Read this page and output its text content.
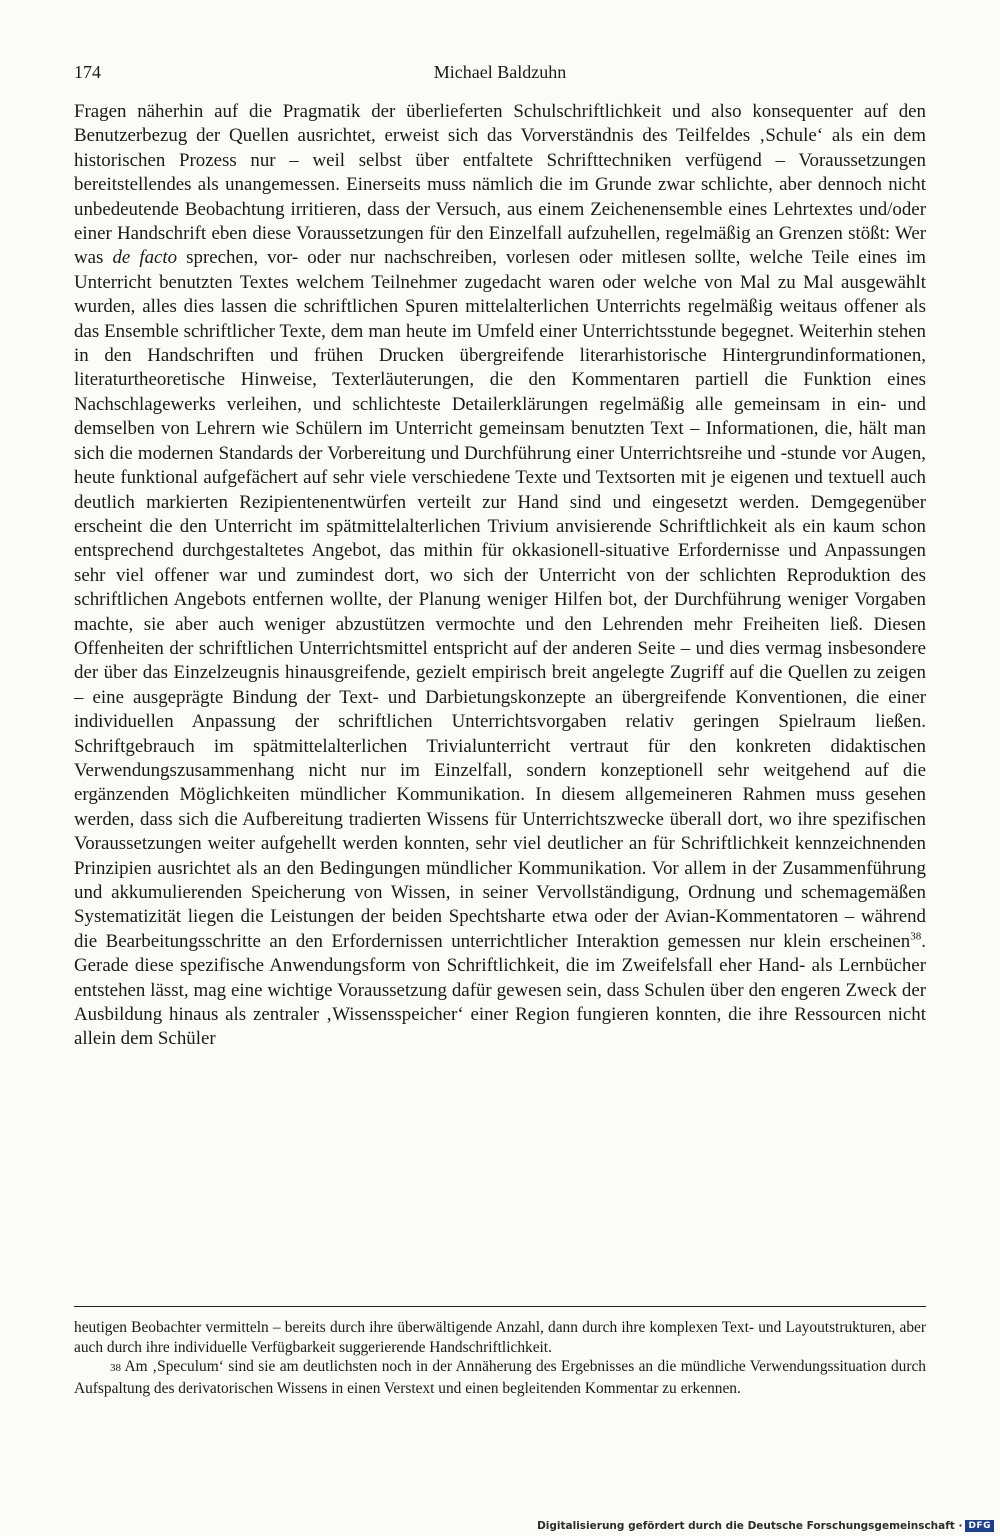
174	Michael Baldzuhn

Fragen näherhin auf die Pragmatik der überlieferten Schulschriftlichkeit und also konsequenter auf den Benutzerbezug der Quellen ausrichtet, erweist sich das Vorverständnis des Teilfeldes ‚Schule‘ als ein dem historischen Prozess nur – weil selbst über entfaltete Schrifttechniken verfügend – Voraussetzungen bereitstellendes als unangemessen. Einerseits muss nämlich die im Grunde zwar schlichte, aber dennoch nicht unbedeutende Beobachtung irritieren, dass der Versuch, aus einem Zeichenensemble eines Lehrtextes und/oder einer Handschrift eben diese Voraussetzungen für den Einzelfall aufzuhellen, regelmäßig an Grenzen stößt: Wer was de facto sprechen, vor- oder nur nachschreiben, vorlesen oder mitlesen sollte, welche Teile eines im Unterricht benutzten Textes welchem Teilnehmer zugedacht waren oder welche von Mal zu Mal ausgewählt wurden, alles dies lassen die schriftlichen Spuren mittelalterlichen Unterrichts regelmäßig weitaus offener als das Ensemble schriftlicher Texte, dem man heute im Umfeld einer Unterrichtsstunde begegnet. Weiterhin stehen in den Handschriften und frühen Drucken übergreifende literarhistorische Hintergrundinformationen, literaturtheoretische Hinweise, Texterläuterungen, die den Kommentaren partiell die Funktion eines Nachschlagewerks verleihen, und schlichteste Detailerklärungen regelmäßig alle gemeinsam in ein- und demselben von Lehrern wie Schülern im Unterricht gemeinsam benutzten Text – Informationen, die, hält man sich die modernen Standards der Vorbereitung und Durchführung einer Unterrichtsreihe und -stunde vor Augen, heute funktional aufgefächert auf sehr viele verschiedene Texte und Textsorten mit je eigenen und textuell auch deutlich markierten Rezipientenentwürfen verteilt zur Hand sind und eingesetzt werden. Demgegenüber erscheint die den Unterricht im spätmittelalterlichen Trivium anvisierende Schriftlichkeit als ein kaum schon entsprechend durchgestaltetes Angebot, das mithin für okkasionell-situative Erfordernisse und Anpassungen sehr viel offener war und zumindest dort, wo sich der Unterricht von der schlichten Reproduktion des schriftlichen Angebots entfernen wollte, der Planung weniger Hilfen bot, der Durchführung weniger Vorgaben machte, sie aber auch weniger abzustützen vermochte und den Lehrenden mehr Freiheiten ließ. Diesen Offenheiten der schriftlichen Unterrichtsmittel entspricht auf der anderen Seite – und dies vermag insbesondere der über das Einzelzeugnis hinausgreifende, gezielt empirisch breit angelegte Zugriff auf die Quellen zu zeigen – eine ausgeprägte Bindung der Text- und Darbietungskonzepte an übergreifende Konventionen, die einer individuellen Anpassung der schriftlichen Unterrichtsvorgaben relativ geringen Spielraum ließen. Schriftgebrauch im spätmittelalterlichen Trivialunterricht vertraut für den konkreten didaktischen Verwendungszusammenhang nicht nur im Einzelfall, sondern konzeptionell sehr weitgehend auf die ergänzenden Möglichkeiten mündlicher Kommunikation. In diesem allgemeineren Rahmen muss gesehen werden, dass sich die Aufbereitung tradierten Wissens für Unterrichtszwecke überall dort, wo ihre spezifischen Voraussetzungen weiter aufgehellt werden konnten, sehr viel deutlicher an für Schriftlichkeit kennzeichnenden Prinzipien ausrichtet als an den Bedingungen mündlicher Kommunikation. Vor allem in der Zusammenführung und akkumulierenden Speicherung von Wissen, in seiner Vervollständigung, Ordnung und schemagemäßen Systematizität liegen die Leistungen der beiden Spechtsharte etwa oder der Avian-Kommentatoren – während die Bearbeitungsschritte an den Erfordernissen unterrichtlicher Interaktion gemessen nur klein erscheinen$^{38}$. Gerade diese spezifische Anwendungsform von Schriftlichkeit, die im Zweifelsfall eher Hand- als Lernbücher entstehen lässt, mag eine wichtige Voraussetzung dafür gewesen sein, dass Schulen über den engeren Zweck der Ausbildung hinaus als zentraler ‚Wissensspeicher‘ einer Region fungieren konnten, die ihre Ressourcen nicht allein dem Schüler

heutigen Beobachter vermitteln – bereits durch ihre überwältigende Anzahl, dann durch ihre komplexen Text- und Layoutstrukturen, aber auch durch ihre individuelle Verfügbarkeit suggerierende Handschriftlichkeit.

38 Am ‚Speculum‘ sind sie am deutlichsten noch in der Annäherung des Ergebnisses an die mündliche Verwendungssituation durch Aufspaltung des derivatorischen Wissens in einen Verstext und einen begleitenden Kommentar zu erkennen.

Digitalisierung gefördert durch die Deutsche Forschungsgemeinschaft · DFG
